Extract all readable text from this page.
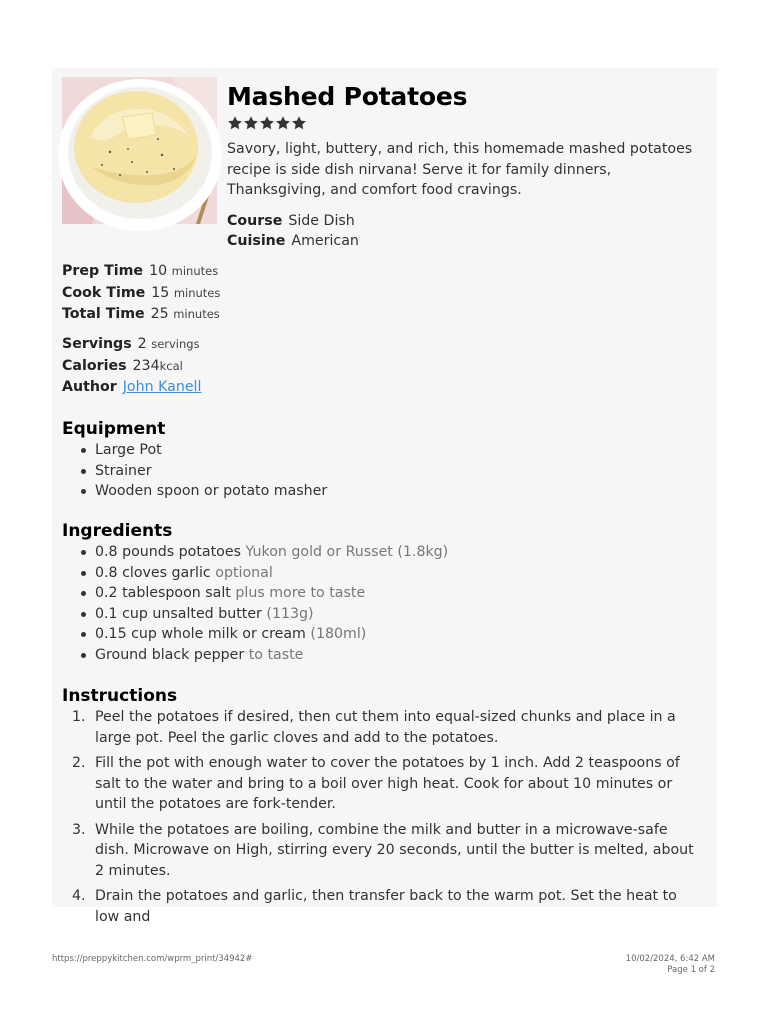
Mashed Potatoes
Savory, light, buttery, and rich, this homemade mashed potatoes recipe is side dish nirvana! Serve it for family dinners, Thanksgiving, and comfort food cravings.
Course Side Dish
Cuisine American
Prep Time 10 minutes
Cook Time 15 minutes
Total Time 25 minutes
Servings 2 servings
Calories 234kcal
Author John Kanell
Equipment
Large Pot
Strainer
Wooden spoon or potato masher
Ingredients
0.8 pounds potatoes Yukon gold or Russet (1.8kg)
0.8 cloves garlic optional
0.2 tablespoon salt plus more to taste
0.1 cup unsalted butter (113g)
0.15 cup whole milk or cream (180ml)
Ground black pepper to taste
Instructions
1. Peel the potatoes if desired, then cut them into equal-sized chunks and place in a large pot. Peel the garlic cloves and add to the potatoes.
2. Fill the pot with enough water to cover the potatoes by 1 inch. Add 2 teaspoons of salt to the water and bring to a boil over high heat. Cook for about 10 minutes or until the potatoes are fork-tender.
3. While the potatoes are boiling, combine the milk and butter in a microwave-safe dish. Microwave on High, stirring every 20 seconds, until the butter is melted, about 2 minutes.
4. Drain the potatoes and garlic, then transfer back to the warm pot. Set the heat to low and
https://preppykitchen.com/wprm_print/34942#	10/02/2024, 6:42 AM
Page 1 of 2
